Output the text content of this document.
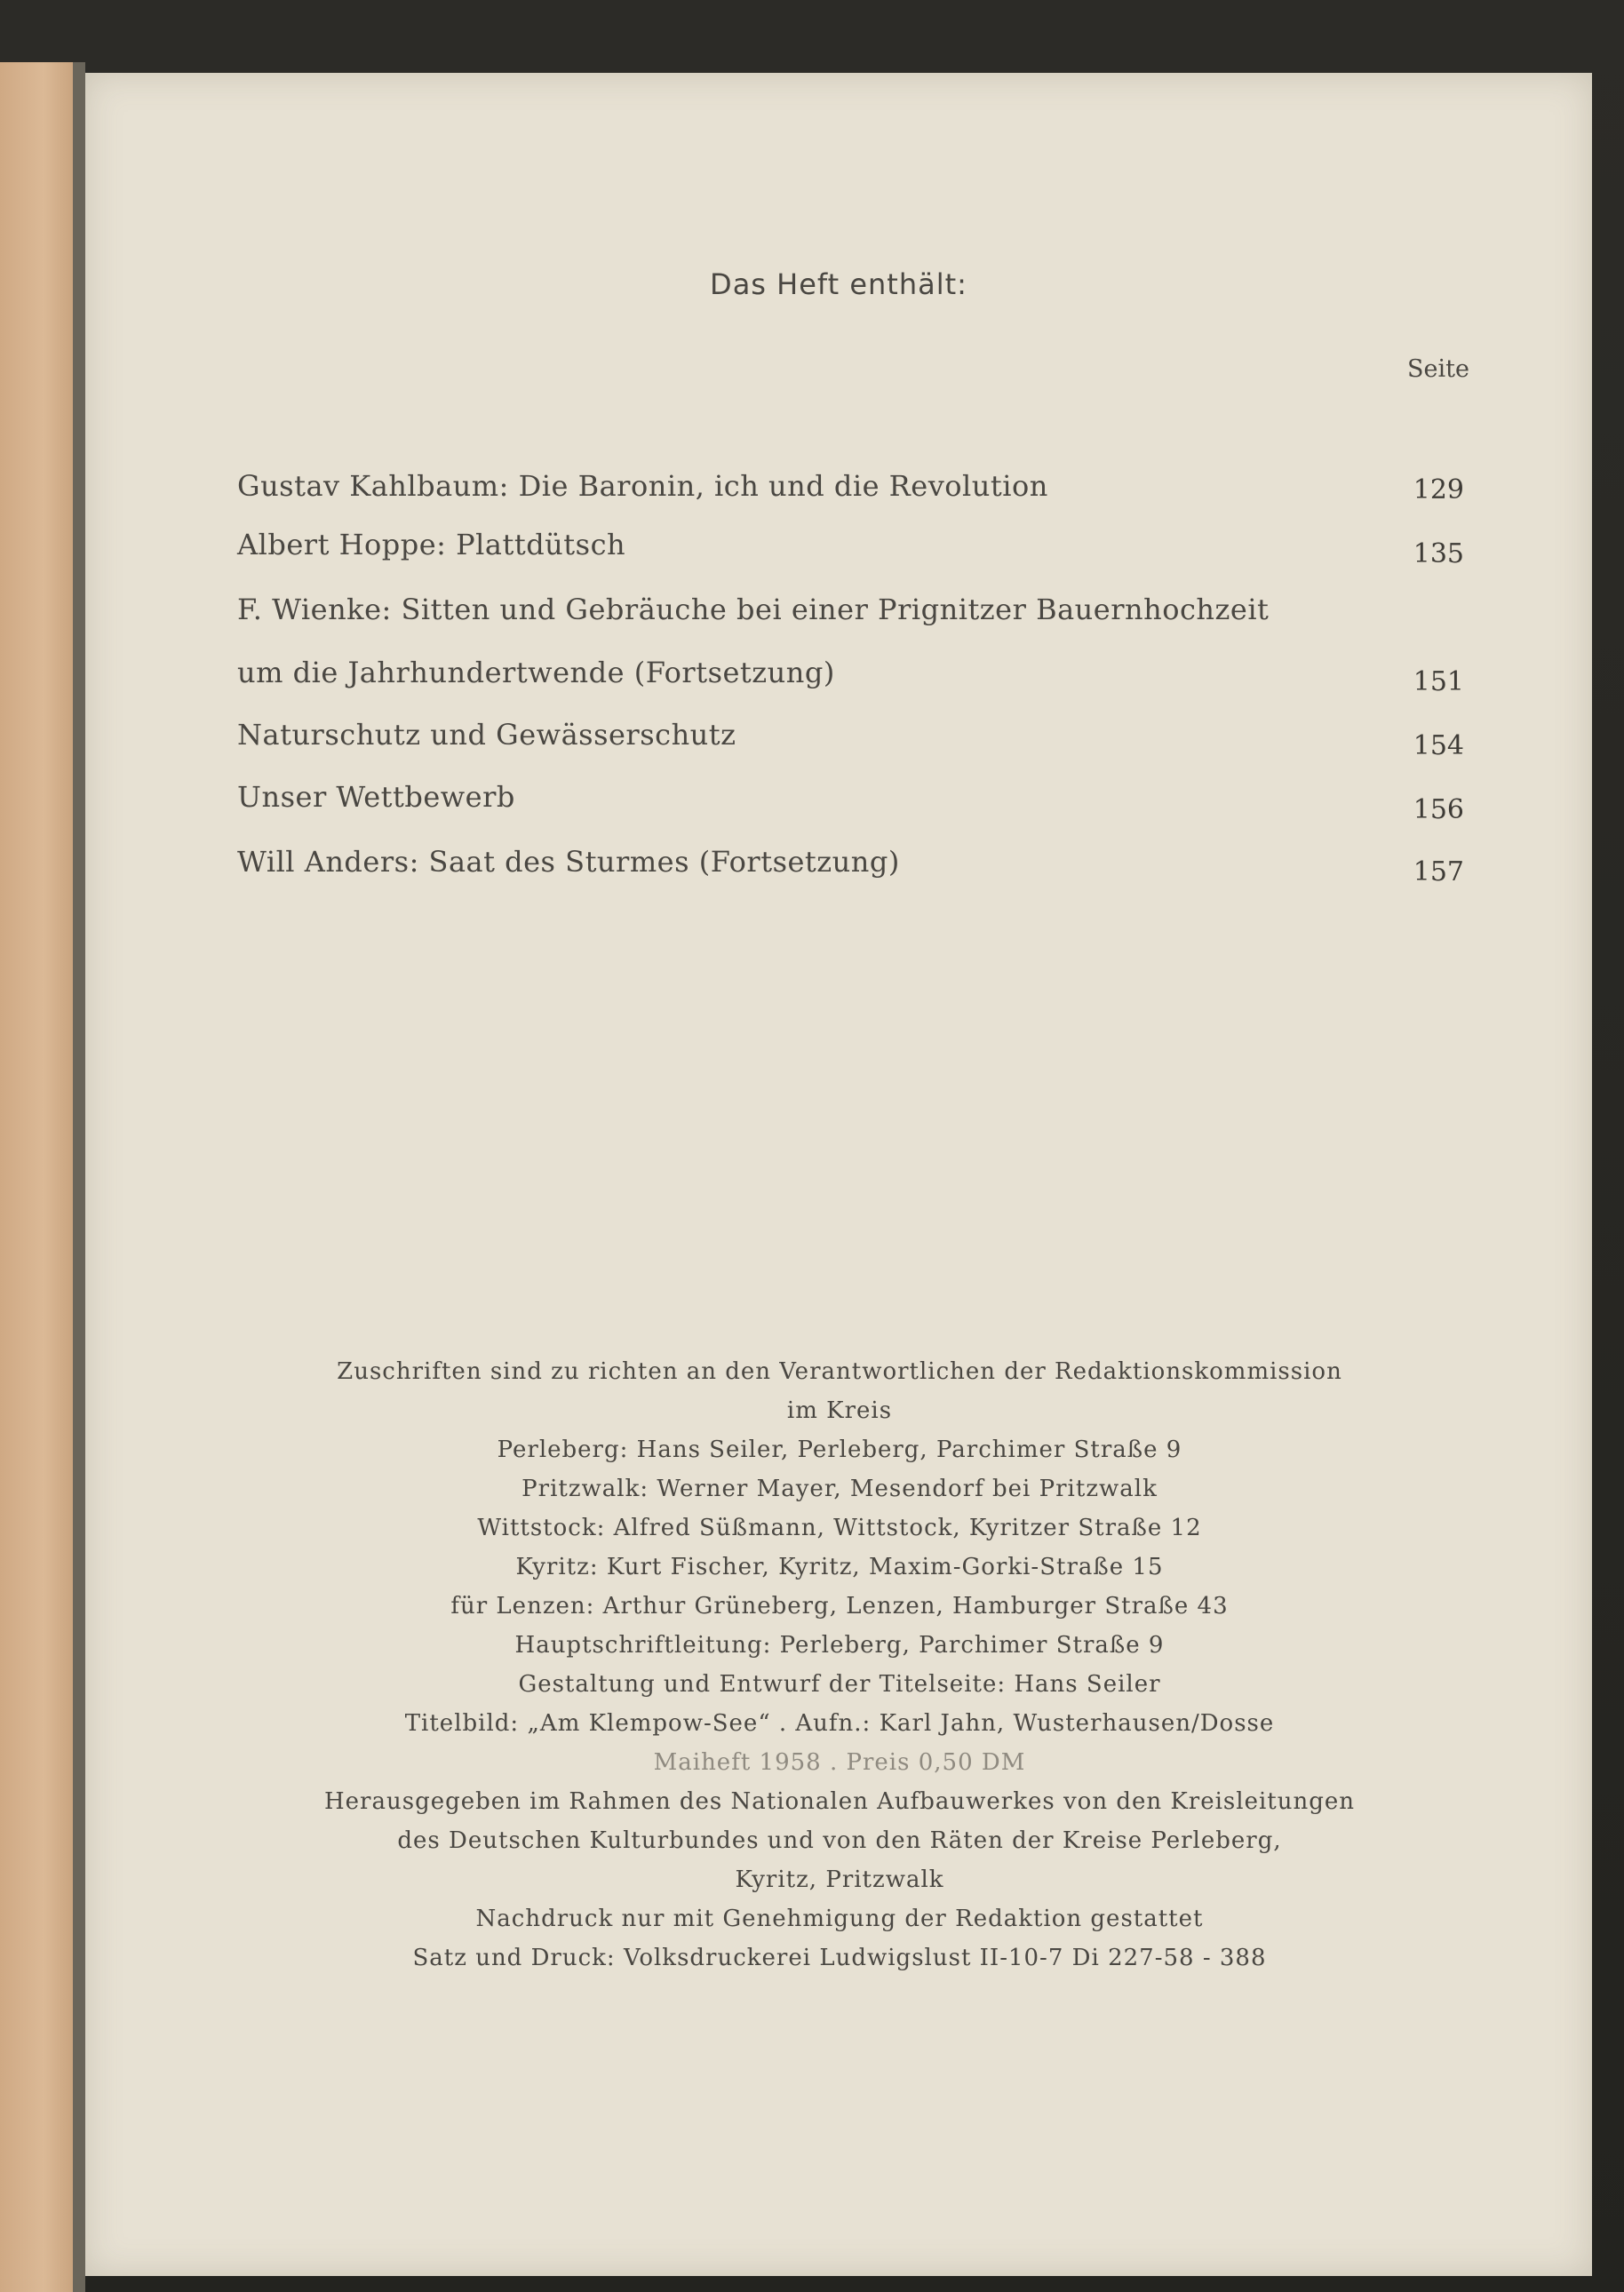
Das Heft enthält:
Seite
Gustav Kahlbaum: Die Baronin, ich und die Revolution	129
Albert Hoppe: Plattdütsch	135
F. Wienke: Sitten und Gebräuche bei einer Prignitzer Bauernhochzeit
um die Jahrhundertwende (Fortsetzung)	151
Naturschutz und Gewässerschutz	154
Unser Wettbewerb	156
Will Anders: Saat des Sturmes (Fortsetzung)	157
Zuschriften sind zu richten an den Verantwortlichen der Redaktionskommission
im Kreis
Perleberg: Hans Seiler, Perleberg, Parchimer Straße 9
Pritzwalk: Werner Mayer, Mesendorf bei Pritzwalk
Wittstock: Alfred Süßmann, Wittstock, Kyritzer Straße 12
Kyritz: Kurt Fischer, Kyritz, Maxim-Gorki-Straße 15
für Lenzen: Arthur Grüneberg, Lenzen, Hamburger Straße 43
Hauptschriftleitung: Perleberg, Parchimer Straße 9
Gestaltung und Entwurf der Titelseite: Hans Seiler
Titelbild: „Am Klempow-See“ . Aufn.: Karl Jahn, Wusterhausen/Dosse
Maiheft 1958 . Preis 0,50 DM
Herausgegeben im Rahmen des Nationalen Aufbauwerkes von den Kreisleitungen
des Deutschen Kulturbundes und von den Räten der Kreise Perleberg,
Kyritz, Pritzwalk
Nachdruck nur mit Genehmigung der Redaktion gestattet
Satz und Druck: Volksdruckerei Ludwigslust II-10-7 Di 227-58 - 388
